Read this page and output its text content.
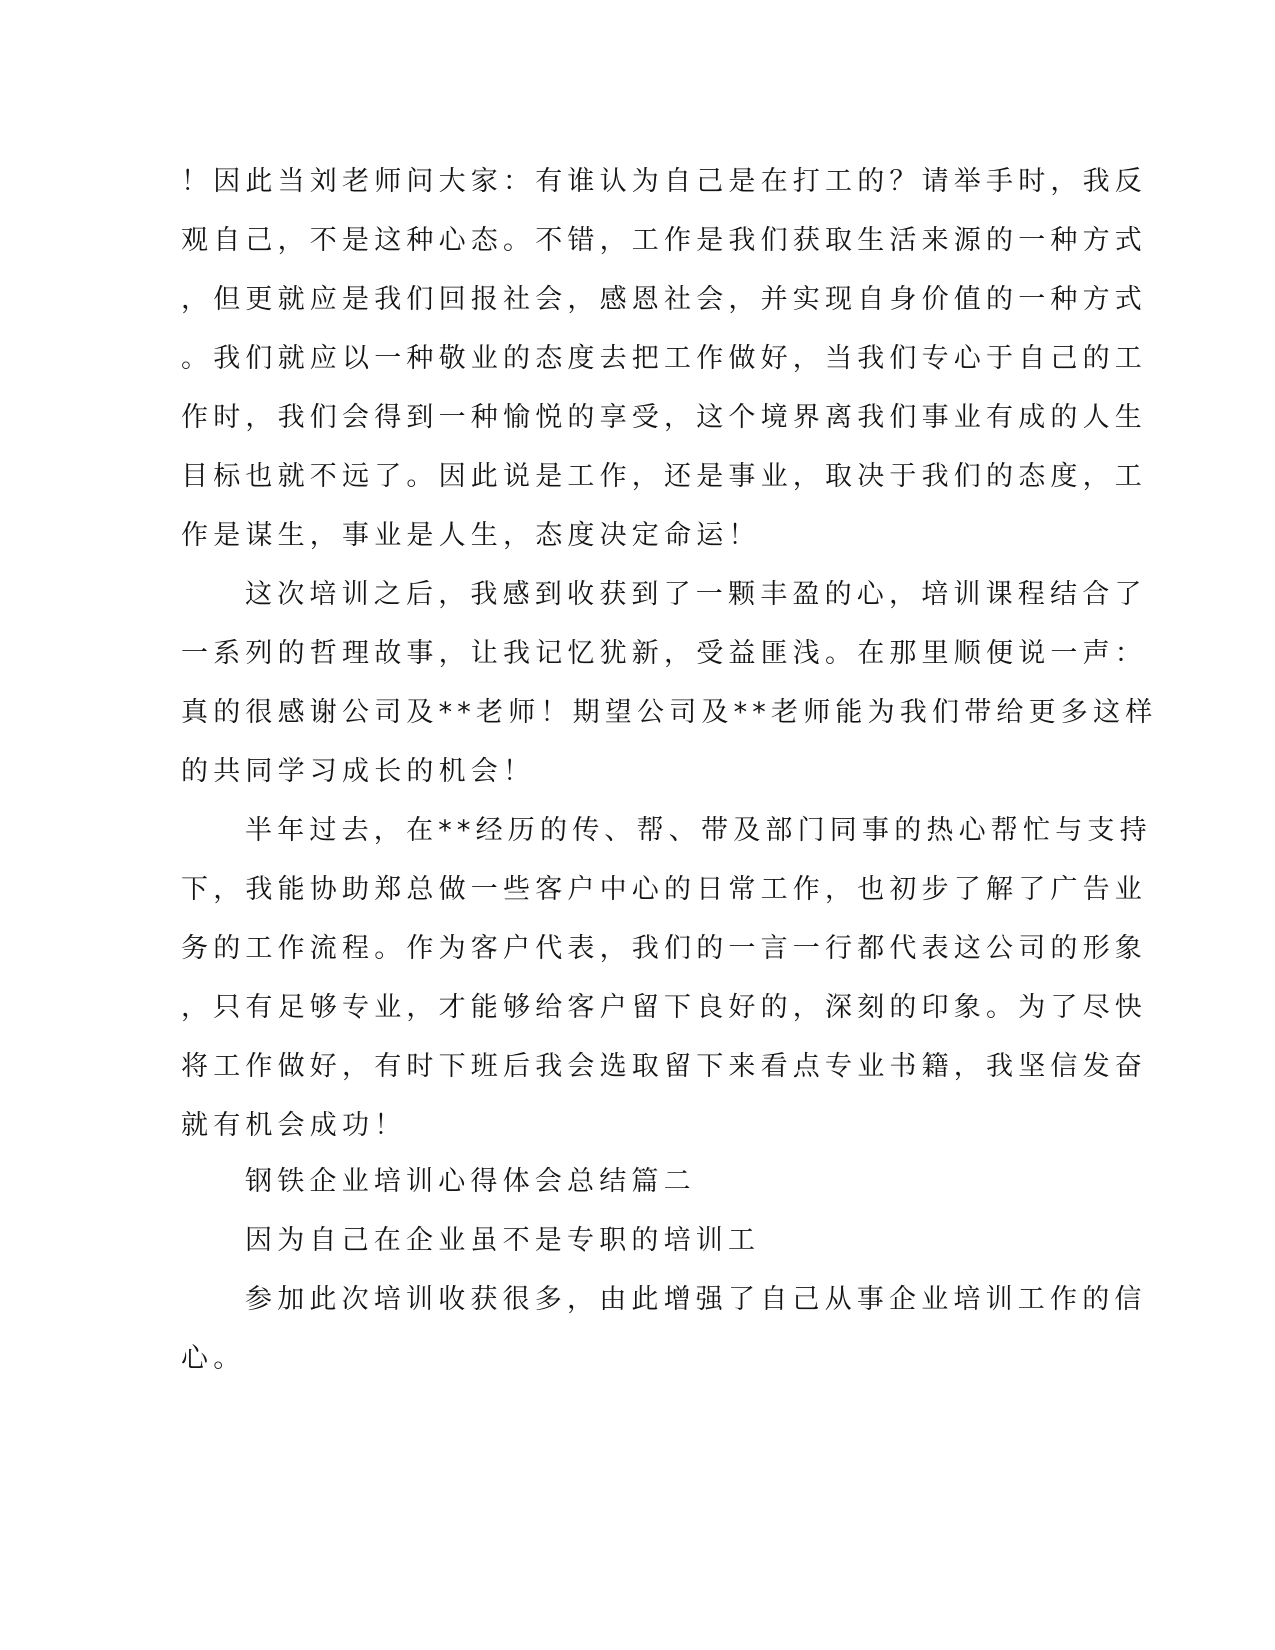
！因此当刘老师问大家：有谁认为自己是在打工的？请举手时，我反
观自己，不是这种心态。不错，工作是我们获取生活来源的一种方式
，但更就应是我们回报社会，感恩社会，并实现自身价值的一种方式
。我们就应以一种敬业的态度去把工作做好，当我们专心于自己的工
作时，我们会得到一种愉悦的享受，这个境界离我们事业有成的人生
目标也就不远了。因此说是工作，还是事业，取决于我们的态度，工
作是谋生，事业是人生，态度决定命运！
这次培训之后，我感到收获到了一颗丰盈的心，培训课程结合了
一系列的哲理故事，让我记忆犹新，受益匪浅。在那里顺便说一声：
真的很感谢公司及**老师！期望公司及**老师能为我们带给更多这样
的共同学习成长的机会！
半年过去，在**经历的传、帮、带及部门同事的热心帮忙与支持
下，我能协助郑总做一些客户中心的日常工作，也初步了解了广告业
务的工作流程。作为客户代表，我们的一言一行都代表这公司的形象
，只有足够专业，才能够给客户留下良好的，深刻的印象。为了尽快
将工作做好，有时下班后我会选取留下来看点专业书籍，我坚信发奋
就有机会成功！
钢铁企业培训心得体会总结篇二
因为自己在企业虽不是专职的培训工
参加此次培训收获很多，由此增强了自己从事企业培训工作的信
心。
